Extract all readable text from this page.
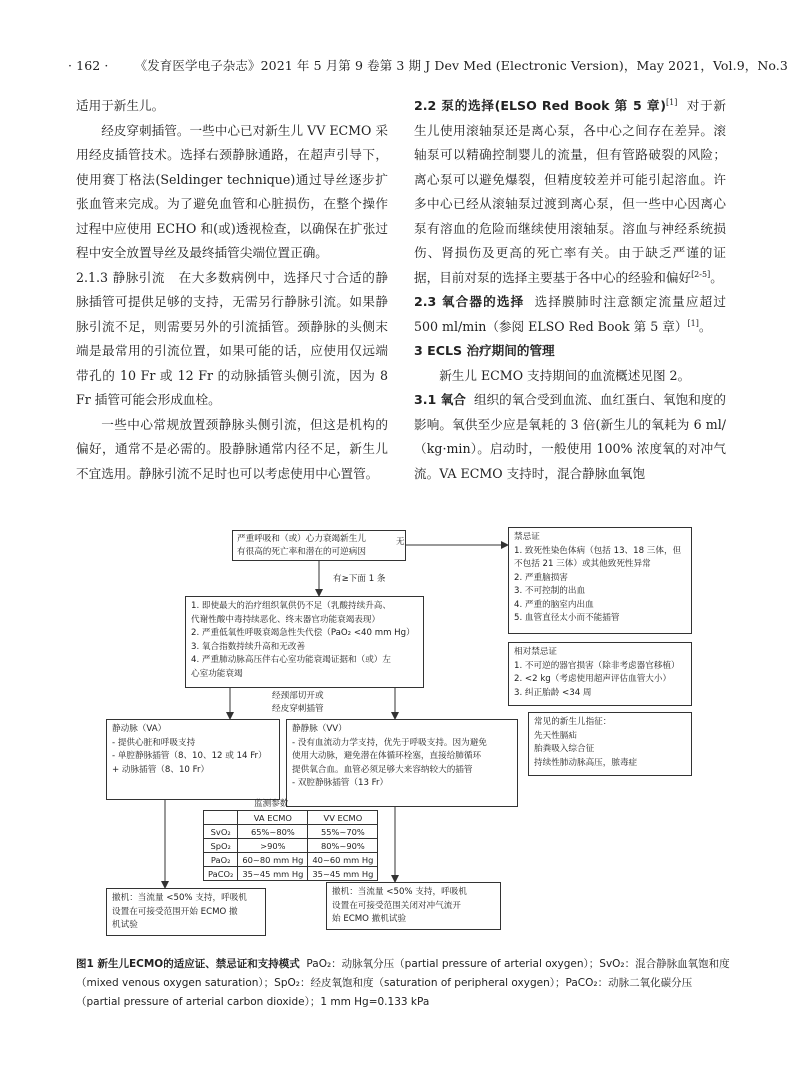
· 162 · 《发育医学电子杂志》2021 年 5 月第 9 卷第 3 期 J Dev Med (Electronic Version)，May 2021，Vol.9，No.3

适用于新生儿。

经皮穿刺插管。一些中心已对新生儿 VV ECMO 采用经皮插管技术。选择右颈静脉通路，在超声引导下，使用赛丁格法(Seldinger technique)通过导丝逐步扩张血管来完成。为了避免血管和心脏损伤，在整个操作过程中应使用 ECHO 和(或)透视检查，以确保在扩张过程中安全放置导丝及最终插管尖端位置正确。

2.1.3 静脉引流 在大多数病例中，选择尺寸合适的静脉插管可提供足够的支持，无需另行静脉引流。如果静脉引流不足，则需要另外的引流插管。颈静脉的头侧末端是最常用的引流位置，如果可能的话，应使用仅远端带孔的 10 Fr 或 12 Fr 的动脉插管头侧引流，因为 8 Fr 插管可能会形成血栓。

一些中心常规放置颈静脉头侧引流，但这是机构的偏好，通常不是必需的。股静脉通常内径不足，新生儿不宜选用。静脉引流不足时也可以考虑使用中心置管。

2.2 泵的选择(ELSO Red Book 第 5 章)[1] 对于新生儿使用滚轴泵还是离心泵，各中心之间存在差异。滚轴泵可以精确控制婴儿的流量，但有管路破裂的风险；离心泵可以避免爆裂，但精度较差并可能引起溶血。许多中心已经从滚轴泵过渡到离心泵，但一些中心因离心泵有溶血的危险而继续使用滚轴泵。溶血与神经系统损伤、肾损伤及更高的死亡率有关。由于缺乏严谨的证据，目前对泵的选择主要基于各中心的经验和偏好[2-5]。

2.3 氧合器的选择 选择膜肺时注意额定流量应超过 500 ml/min（参阅 ELSO Red Book 第 5 章）[1]。

3 ECLS 治疗期间的管理

新生儿 ECMO 支持期间的血流概述见图 2。

3.1 氧合 组织的氧合受到血流、血红蛋白、氧饱和度的影响。氧供至少应是氧耗的 3 倍(新生儿的氧耗为 6 ml/（kg·min）。启动时，一般使用 100% 浓度氧的对冲气流。VA ECMO 支持时，混合静脉血氧饱

严重呼吸和（或）心力衰竭新生儿
有很高的死亡率和潜在的可逆病因
无
有≥下面 1 条
禁忌证
1. 致死性染色体病（包括 13、18 三体，但
不包括 21 三体）或其他致死性异常
2. 严重脑损害
3. 不可控制的出血
4. 严重的脑室内出血
5. 血管直径太小而不能插管
相对禁忌证
1. 不可逆的器官损害（除非考虑器官移植）
2. <2 kg（考虑使用超声评估血管大小）
3. 纠正胎龄 <34 周
常见的新生儿指征：
先天性膈疝
胎粪吸入综合征
持续性肺动脉高压，脓毒症
1. 即使最大的治疗组织氧供仍不足（乳酸持续升高、
代谢性酸中毒持续恶化、终末器官功能衰竭表现）
2. 严重低氧性呼吸衰竭急性失代偿（PaO₂ <40 mm Hg）
3. 氧合指数持续升高和无改善
4. 严重肺动脉高压伴右心室功能衰竭证据和（或）左
心室功能衰竭
经颈部切开或
经皮穿刺插管
静动脉（VA）
- 提供心脏和呼吸支持
- 单腔静脉插管（8、10、12 或 14 Fr）
+ 动脉插管（8、10 Fr）
静静脉（VV）
- 没有血流动力学支持，优先于呼吸支持。因为避免
使用大动脉，避免潜在体循环栓塞，直接给肺循环
提供氧合血。血管必须足够大来容纳较大的插管
- 双腔静脉插管（13 Fr）
监测参数
	VA ECMO	VV ECMO
SvO₂	65%~80%	55%~70%
SpO₂	>90%	80%~90%
PaO₂	60~80 mm Hg	40~60 mm Hg
PaCO₂	35~45 mm Hg	35~45 mm Hg
撤机：当流量 <50% 支持，呼吸机
设置在可接受范围开始 ECMO 撤
机试验
撤机：当流量 <50% 支持，呼吸机
设置在可接受范围关闭对冲气流开
始 ECMO 撤机试验
图1 新生儿ECMO的适应证、禁忌证和支持模式 PaO₂：动脉氧分压（partial pressure of arterial oxygen）；SvO₂：混合静脉血氧饱和度（mixed venous oxygen saturation）；SpO₂：经皮氧饱和度（saturation of peripheral oxygen）；PaCO₂：动脉二氧化碳分压（partial pressure of arterial carbon dioxide）；1 mm Hg=0.133 kPa
